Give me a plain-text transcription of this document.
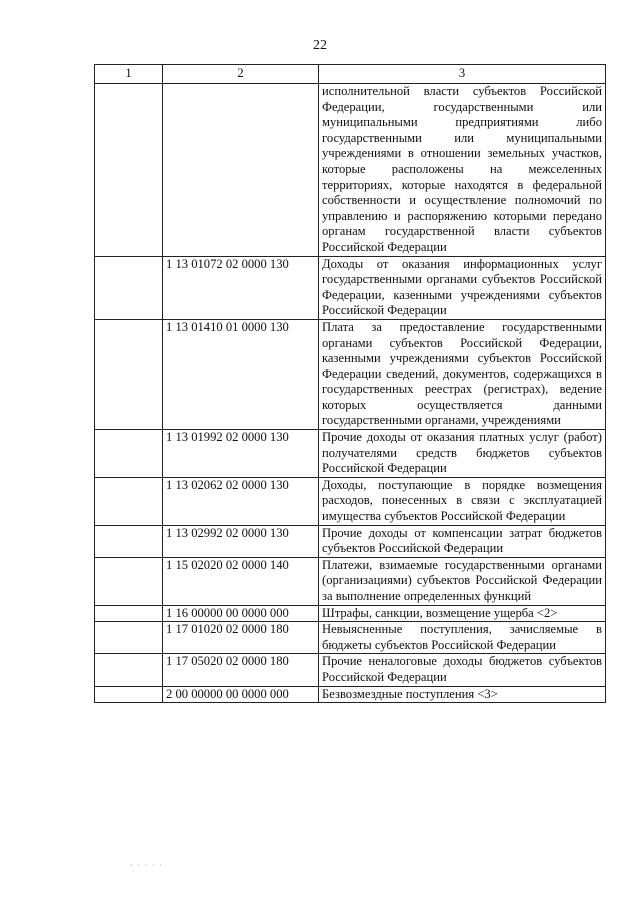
22
1	2	3
		исполнительной власти субъектов Российской Федерации, государственными или муниципальными предприятиями либо государственными или муниципальными учреждениями в отношении земельных участков, которые расположены на межселенных территориях, которые находятся в федеральной собственности и осуществление полномочий по управлению и распоряжению которыми передано органам государственной власти субъектов Российской Федерации
	1 13 01072 02 0000 130	Доходы от оказания информационных услуг государственными органами субъектов Российской Федерации, казенными учреждениями субъектов Российской Федерации
	1 13 01410 01 0000 130	Плата за предоставление государственными органами субъектов Российской Федерации, казенными учреждениями субъектов Российской Федерации сведений, документов, содержащихся в государственных реестрах (регистрах), ведение которых осуществляется данными государственными органами, учреждениями
	1 13 01992 02 0000 130	Прочие доходы от оказания платных услуг (работ) получателями средств бюджетов субъектов Российской Федерации
	1 13 02062 02 0000 130	Доходы, поступающие в порядке возмещения расходов, понесенных в связи с эксплуатацией имущества субъектов Российской Федерации
	1 13 02992 02 0000 130	Прочие доходы от компенсации затрат бюджетов субъектов Российской Федерации
	1 15 02020 02 0000 140	Платежи, взимаемые государственными органами (организациями) субъектов Российской Федерации за выполнение определенных функций
	1 16 00000 00 0000 000	Штрафы, санкции, возмещение ущерба <2>
	1 17 01020 02 0000 180	Невыясненные поступления, зачисляемые в бюджеты субъектов Российской Федерации
	1 17 05020 02 0000 180	Прочие неналоговые доходы бюджетов субъектов Российской Федерации
	2 00 00000 00 0000 000	Безвозмездные поступления <3>
· · · · ·
